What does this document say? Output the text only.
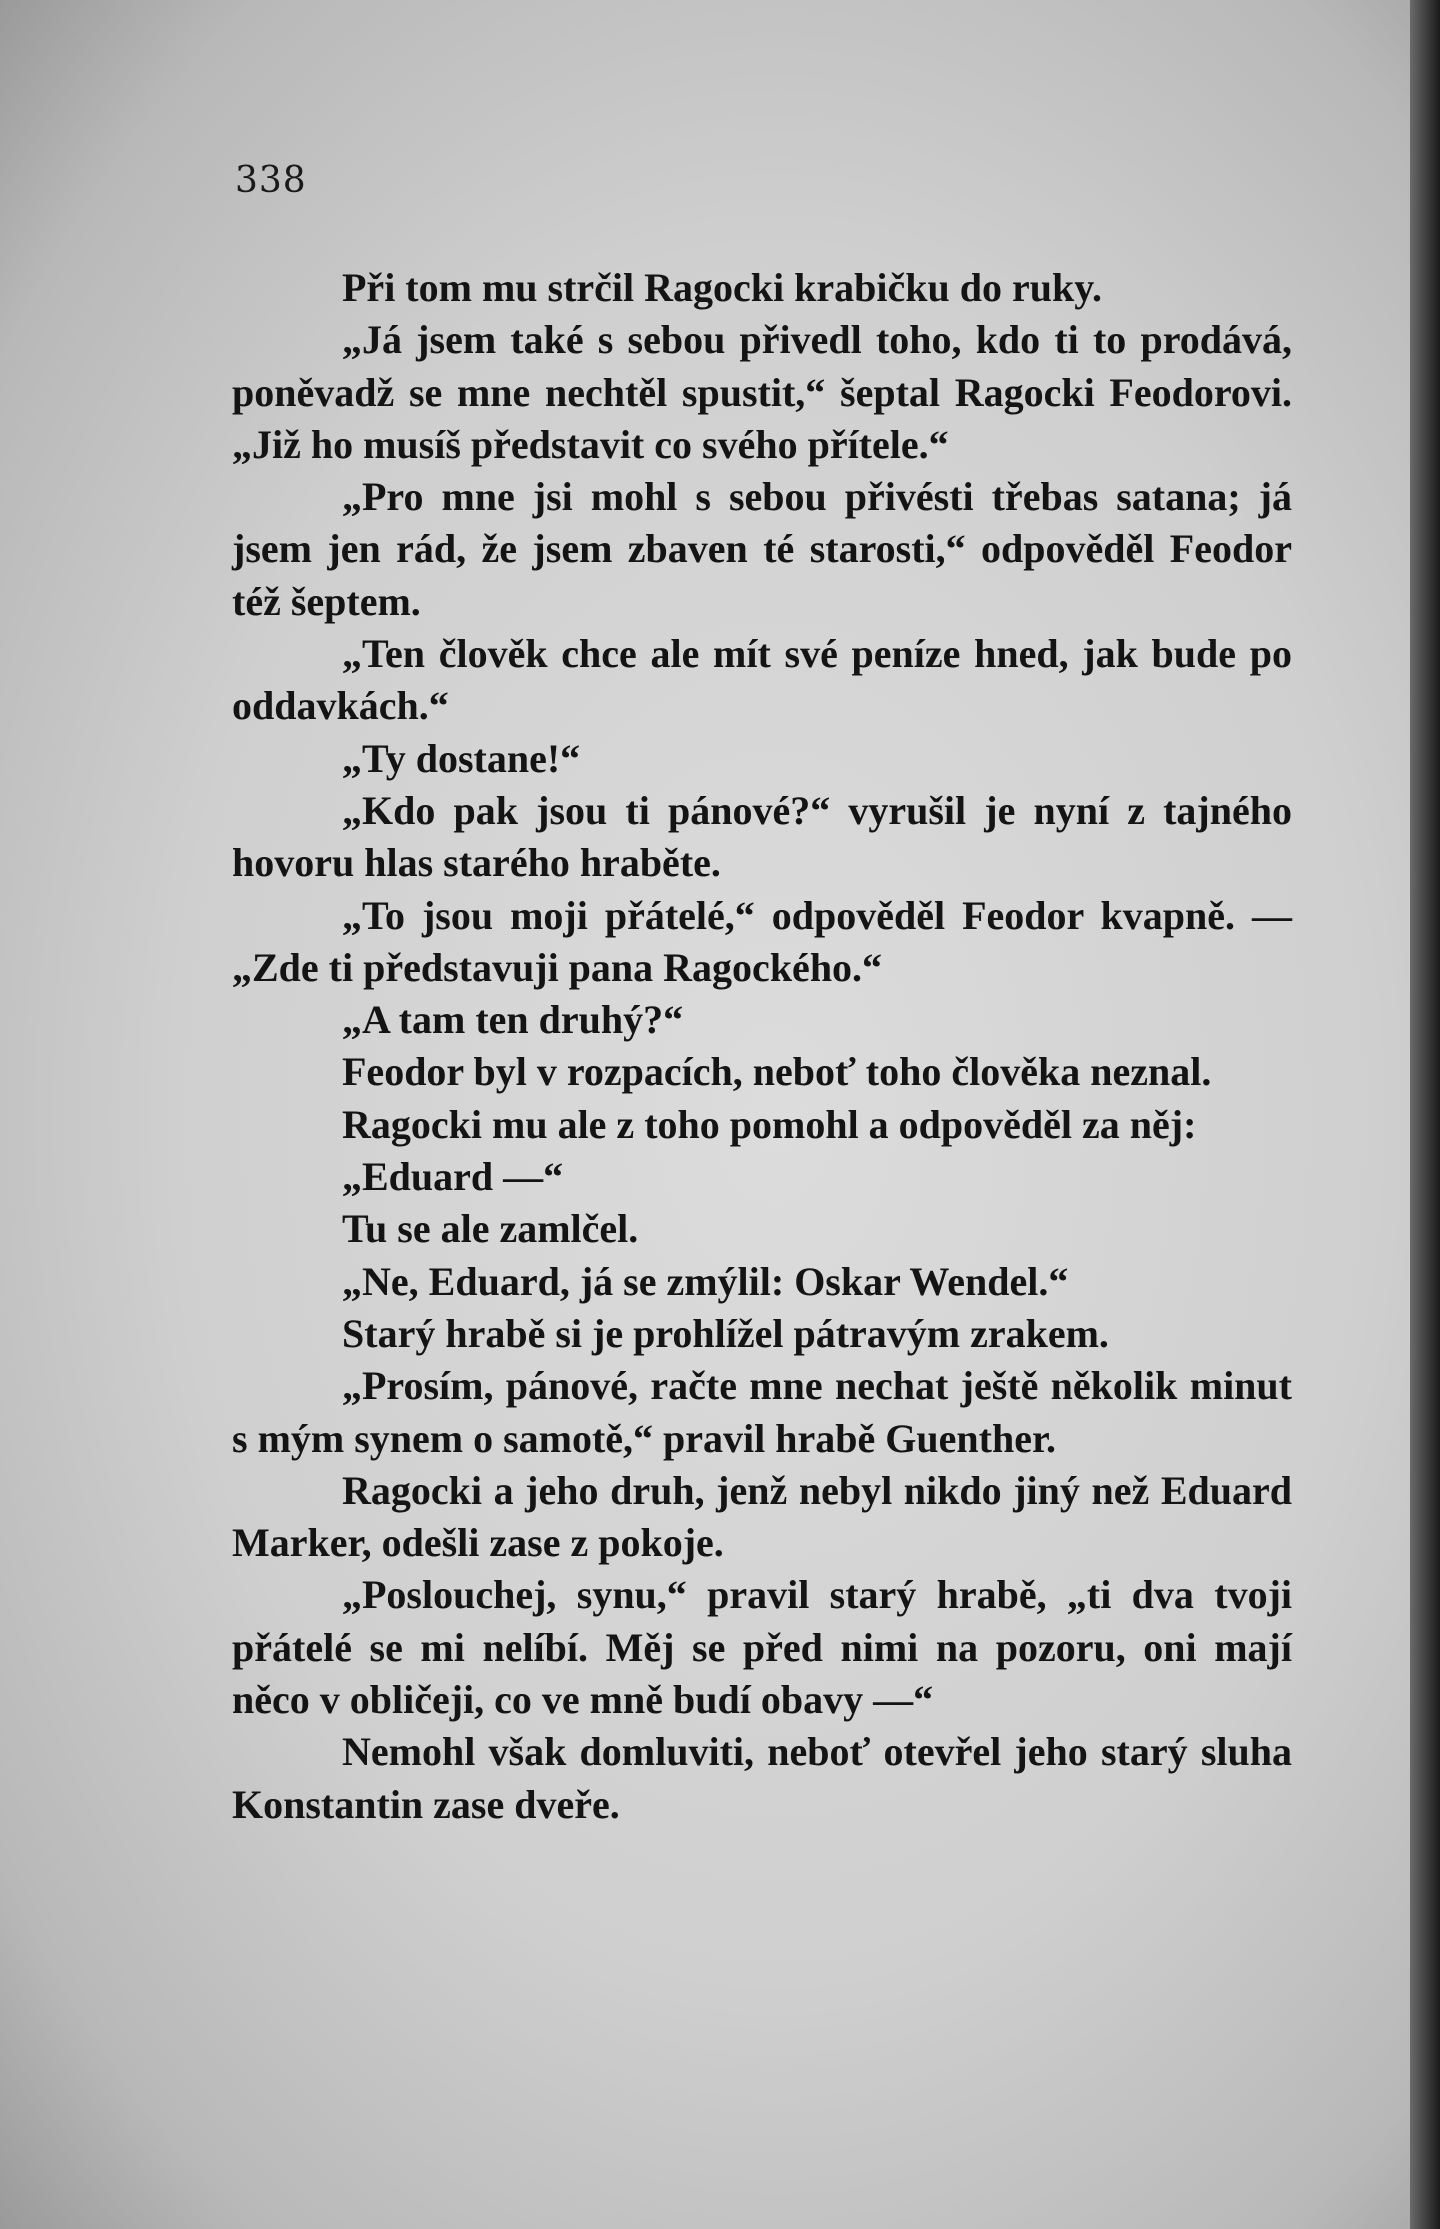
338

Při tom mu strčil Ragocki krabičku do ruky.

„Já jsem také s sebou přivedl toho, kdo ti to prodává, poněvadž se mne nechtěl spustit,“ šeptal Ragocki Feodorovi. „Již ho musíš představit co svého přítele.“

„Pro mne jsi mohl s sebou přivésti třebas satana; já jsem jen rád, že jsem zbaven té starosti,“ odpověděl Feodor též šeptem.

„Ten člověk chce ale mít své peníze hned, jak bude po oddavkách.“

„Ty dostane!“

„Kdo pak jsou ti pánové?“ vyrušil je nyní z tajného hovoru hlas starého hraběte.

„To jsou moji přátelé,“ odpověděl Feodor kvapně. — „Zde ti představuji pana Ragockého.“

„A tam ten druhý?“

Feodor byl v rozpacích, neboť toho člověka neznal.

Ragocki mu ale z toho pomohl a odpověděl za něj:

„Eduard —“

Tu se ale zamlčel.

„Ne, Eduard, já se zmýlil: Oskar Wendel.“

Starý hrabě si je prohlížel pátravým zrakem.

„Prosím, pánové, račte mne nechat ještě několik minut s mým synem o samotě,“ pravil hrabě Guenther.

Ragocki a jeho druh, jenž nebyl nikdo jiný než Eduard Marker, odešli zase z pokoje.

„Poslouchej, synu,“ pravil starý hrabě, „ti dva tvoji přátelé se mi nelíbí. Měj se před nimi na pozoru, oni mají něco v obličeji, co ve mně budí obavy —“

Nemohl však domluviti, neboť otevřel jeho starý sluha Konstantin zase dveře.
